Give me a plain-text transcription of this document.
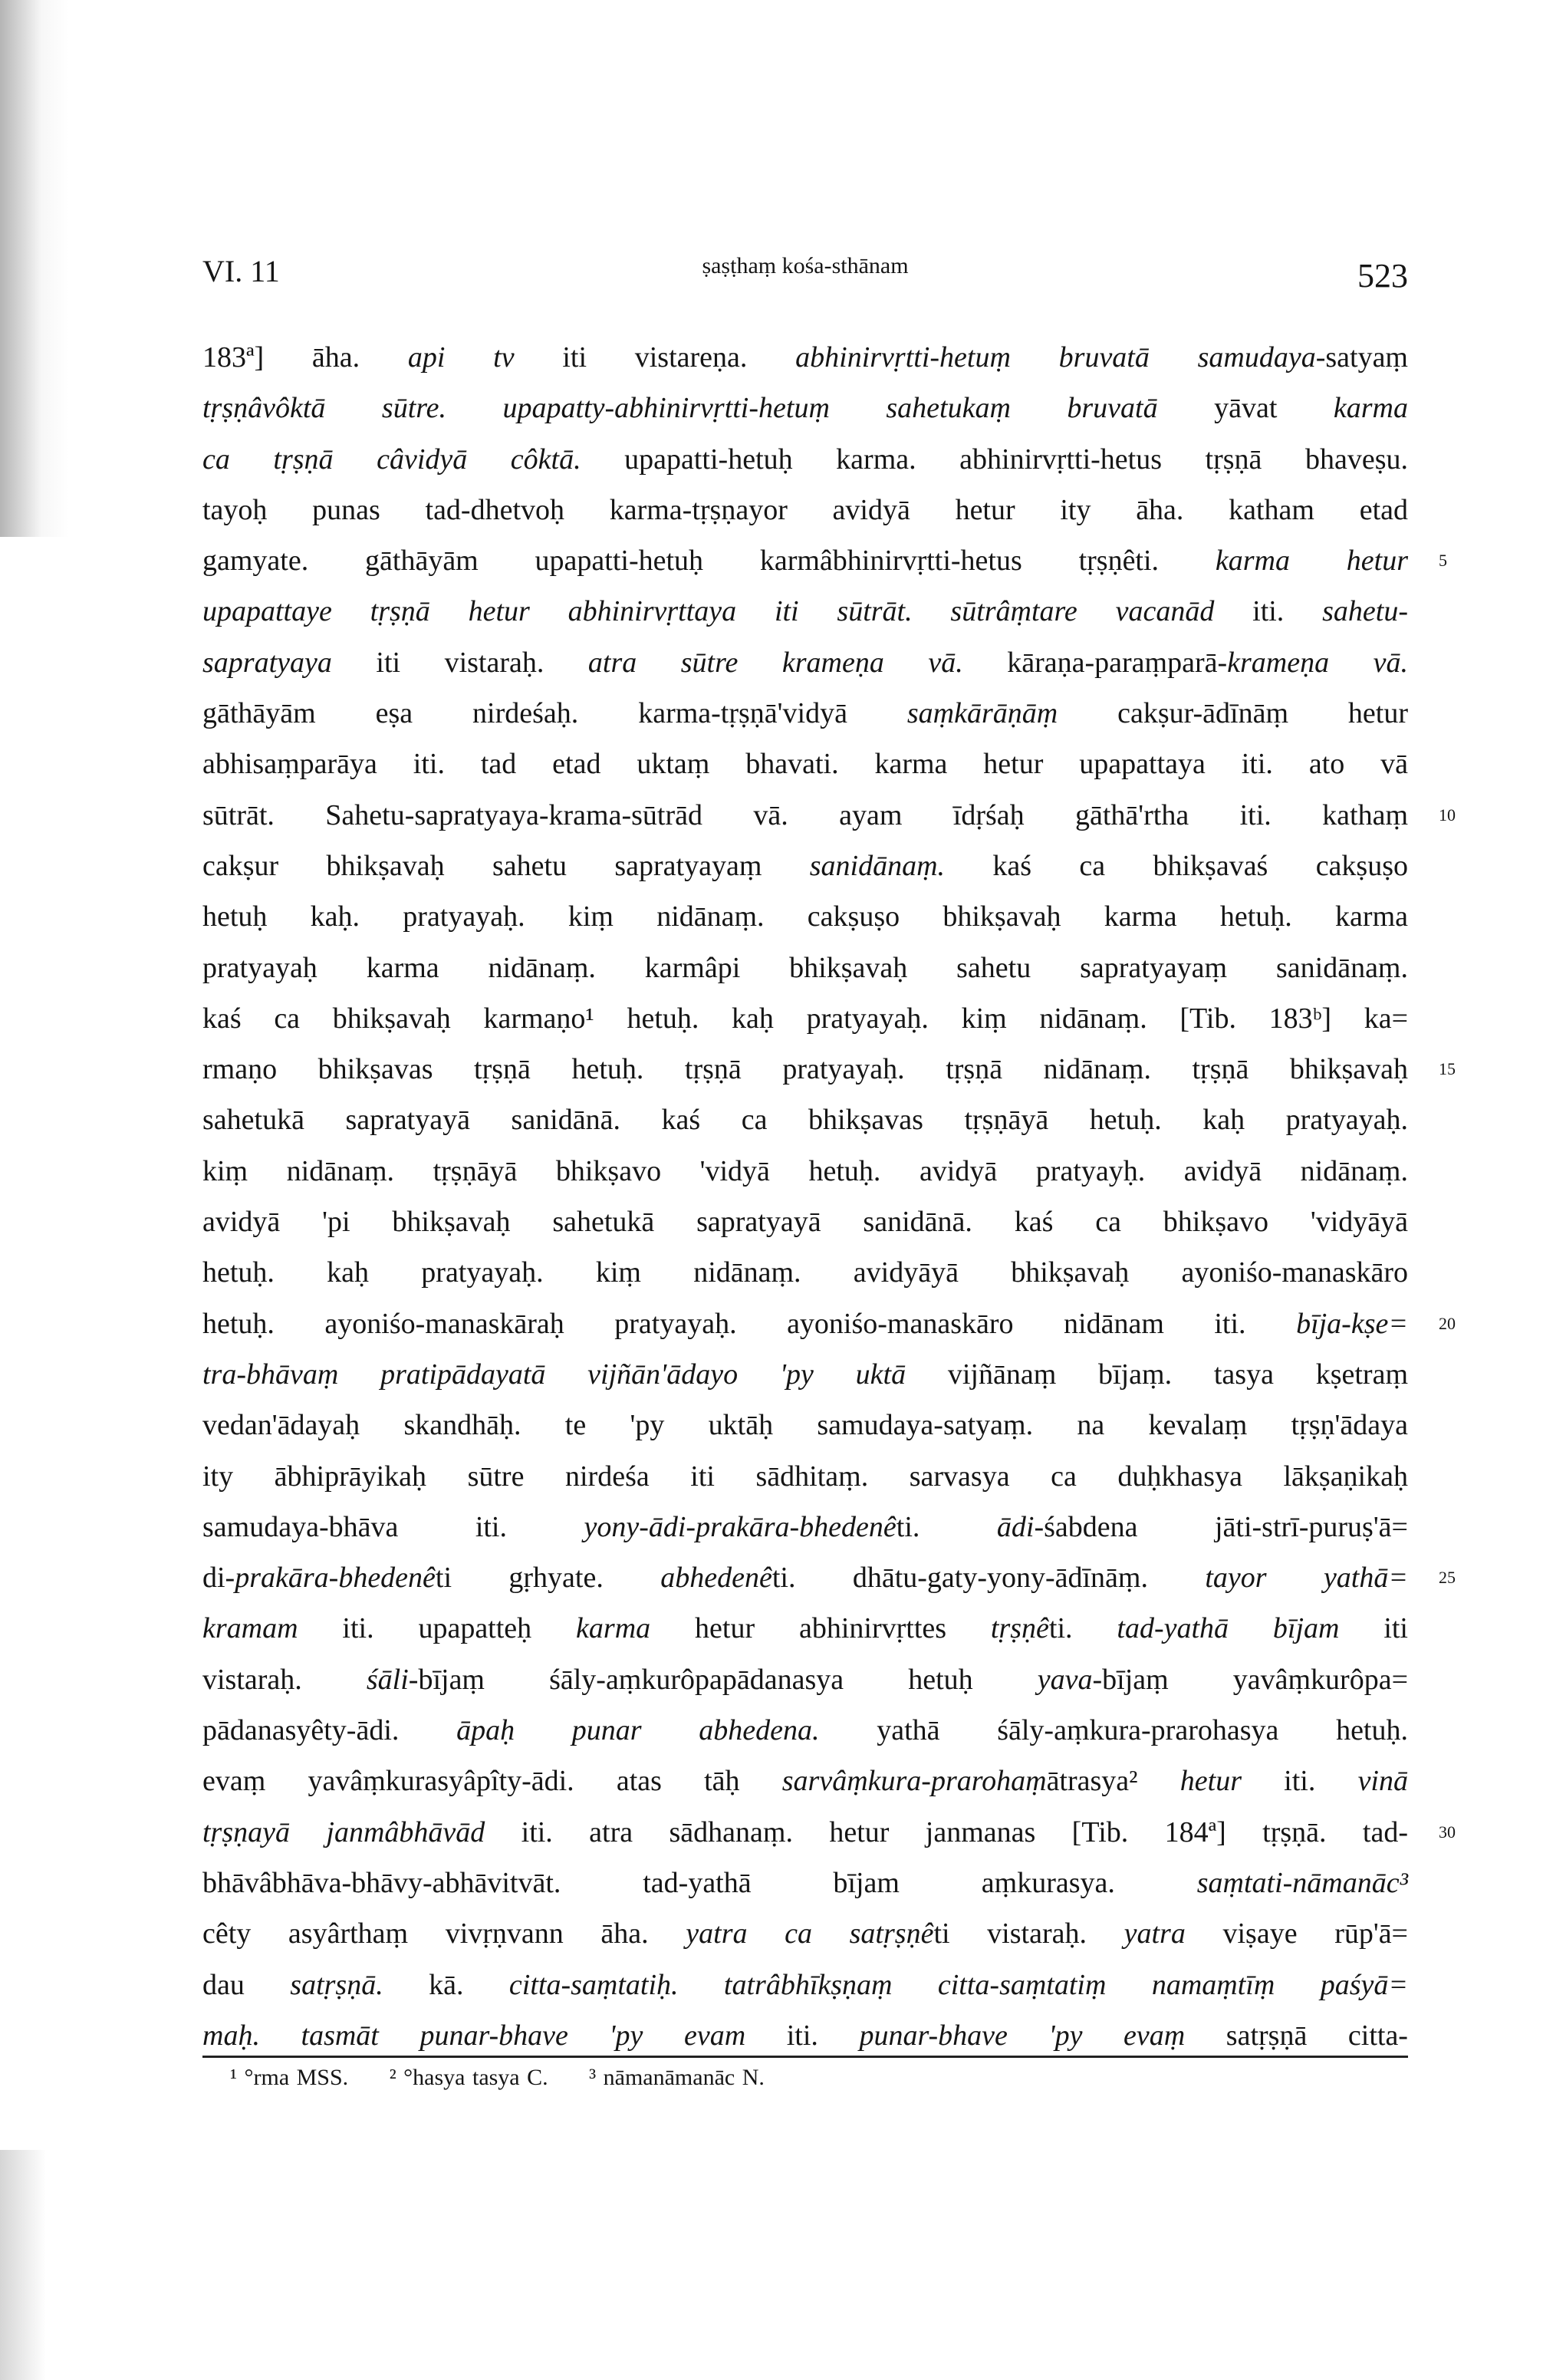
VI. 11	ṣaṣṭhaṃ kośa-sthānam	523
183ª] āha. api tv iti vistareṇa. abhinirvṛtti-hetuṃ bruvatā samudaya-satyaṃ
tṛṣṇâvôktā sūtre. upapatty-abhinirvṛtti-hetuṃ sahetukaṃ bruvatā yāvat karma
ca tṛṣṇā câvidyā côktā. upapatti-hetuḥ karma. abhinirvṛtti-hetus tṛṣṇā bhaveṣu.
tayoḥ punas tad-dhetvoḥ karma-tṛṣṇayor avidyā hetur ity āha. katham etad
gamyate. gāthāyām upapatti-hetuḥ karmâbhinirvṛtti-hetus tṛṣṇêti. karma hetur 5
upapattaye tṛṣṇā hetur abhinirvṛttaya iti sūtrāt. sūtrâṃtare vacanād iti. sahetu-
sapratyaya iti vistaraḥ. atra sūtre krameṇa vā. kāraṇa-paraṃparā-krameṇa vā.
gāthāyām eṣa nirdeśaḥ. karma-tṛṣṇā'vidyā saṃkārāṇāṃ cakṣur-ādīnāṃ hetur
abhisaṃparāya iti. tad etad uktaṃ bhavati. karma hetur upapattaya iti. ato vā
sūtrāt. Sahetu-sapratyaya-krama-sūtrād vā. ayam īdṛśaḥ gāthā'rtha iti. kathaṃ 10
cakṣur bhikṣavaḥ sahetu sapratyayaṃ sanidānaṃ. kaś ca bhikṣavaś cakṣuṣo
hetuḥ kaḥ. pratyayaḥ. kiṃ nidānaṃ. cakṣuṣo bhikṣavaḥ karma hetuḥ. karma
pratyayaḥ karma nidānaṃ. karmâpi bhikṣavaḥ sahetu sapratyayaṃ sanidānaṃ.
kaś ca bhikṣavaḥ karmaṇo¹ hetuḥ. kaḥ pratyayaḥ. kiṃ nidānaṃ. [Tib. 183ᵇ] ka=
rmaṇo bhikṣavas tṛṣṇā hetuḥ. tṛṣṇā pratyayaḥ. tṛṣṇā nidānaṃ. tṛṣṇā bhikṣavaḥ 15
sahetukā sapratyayā sanidānā. kaś ca bhikṣavas tṛṣṇāyā hetuḥ. kaḥ pratyayaḥ.
kiṃ nidānaṃ. tṛṣṇāyā bhikṣavo 'vidyā hetuḥ. avidyā pratyayḥ. avidyā nidānaṃ.
avidyā 'pi bhikṣavaḥ sahetukā sapratyayā sanidānā. kaś ca bhikṣavo 'vidyāyā
hetuḥ. kaḥ pratyayaḥ. kiṃ nidānaṃ. avidyāyā bhikṣavaḥ ayoniśo-manaskāro
hetuḥ. ayoniśo-manaskāraḥ pratyayaḥ. ayoniśo-manaskāro nidānam iti. bīja-kṣe= 20
tra-bhāvaṃ pratipādayatā vijñān'ādayo 'py uktā vijñānaṃ bījaṃ. tasya kṣetraṃ
vedan'ādayaḥ skandhāḥ. te 'py uktāḥ samudaya-satyaṃ. na kevalaṃ tṛṣṇ'ādaya
ity ābhiprāyikaḥ sūtre nirdeśa iti sādhitaṃ. sarvasya ca duḥkhasya lākṣaṇikaḥ
samudaya-bhāva iti. yony-ādi-prakāra-bhedenêti. ādi-śabdena jāti-strī-puruṣ'ā=
di-prakāra-bhedenêti gṛhyate. abhedenêti. dhātu-gaty-yony-ādīnāṃ. tayor yathā= 25
kramam iti. upapatteḥ karma hetur abhinirvṛttes tṛṣṇêti. tad-yathā bījam iti
vistaraḥ. śāli-bījaṃ śāly-aṃkurôpapādanasya hetuḥ yava-bījaṃ yavâṃkurôpa=
pādanasyêty-ādi. āpaḥ punar abhedena. yathā śāly-aṃkura-prarohasya hetuḥ.
evaṃ yavâṃkurasyâpîty-ādi. atas tāḥ sarvâṃkura-prarohaṃātrasya² hetur iti. vinā
tṛṣṇayā janmâbhāvād iti. atra sādhanaṃ. hetur janmanas [Tib. 184ª] tṛṣṇā. tad- 30
bhāvâbhāva-bhāvy-abhāvitvāt. tad-yathā bījam aṃkurasya. saṃtati-nāmanāc³
cêty asyârthaṃ vivṛṇvann āha. yatra ca satṛṣṇêti vistaraḥ. yatra viṣaye rūp'ā=
dau satṛṣṇā. kā. citta-saṃtatiḥ. tatrâbhīkṣṇaṃ citta-saṃtatiṃ namaṃtīṃ paśyā=
maḥ. tasmāt punar-bhave 'py evam iti. punar-bhave 'py evaṃ satṛṣṇā citta-
¹ °rma MSS. ² °hasya tasya C. ³ nāmanāmanāc N.
